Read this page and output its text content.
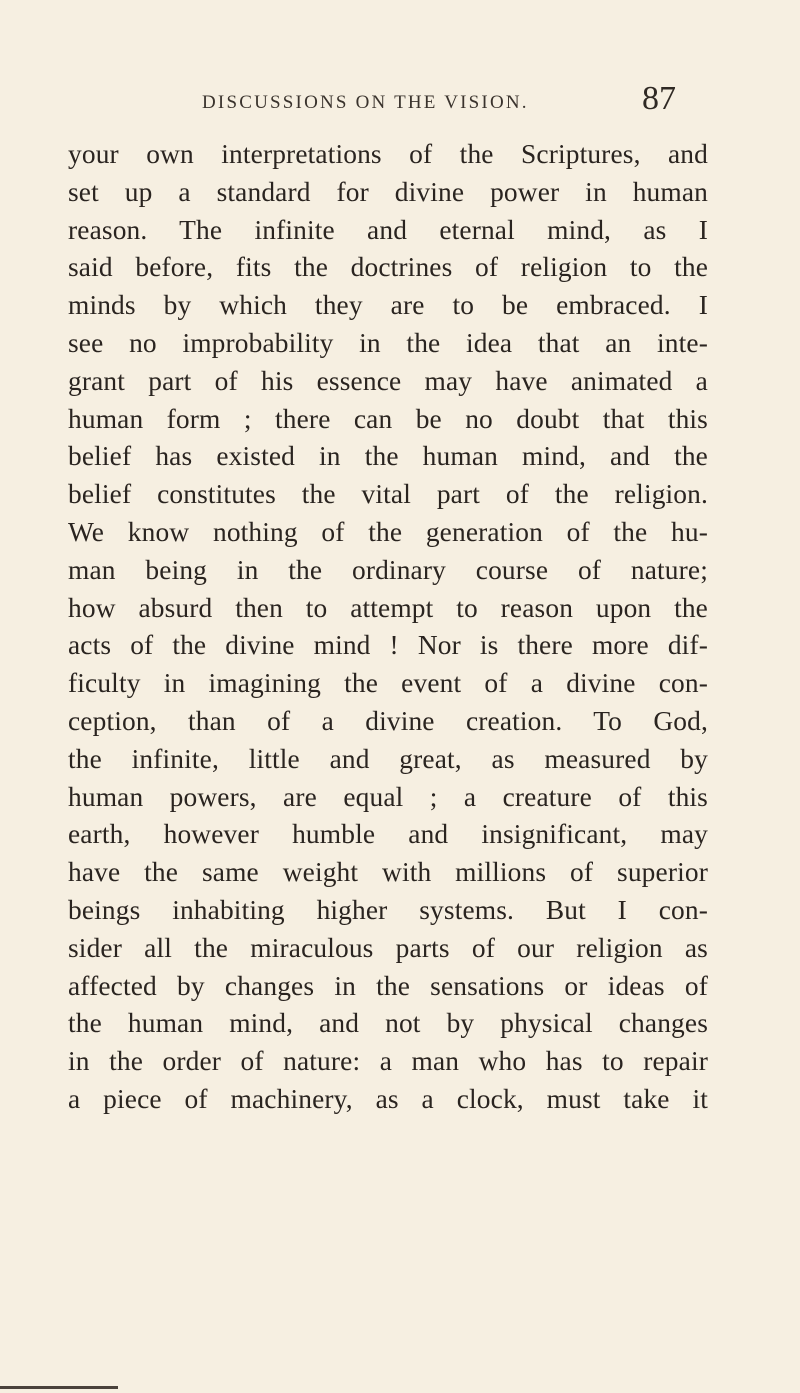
DISCUSSIONS ON THE VISION.	87
your own interpretations of the Scriptures, and
set up a standard for divine power in human
reason. The infinite and eternal mind, as I
said before, fits the doctrines of religion to the
minds by which they are to be embraced. I
see no improbability in the idea that an inte-
grant part of his essence may have animated a
human form ; there can be no doubt that this
belief has existed in the human mind, and the
belief constitutes the vital part of the religion.
We know nothing of the generation of the hu-
man being in the ordinary course of nature;
how absurd then to attempt to reason upon the
acts of the divine mind ! Nor is there more dif-
ficulty in imagining the event of a divine con-
ception, than of a divine creation. To God,
the infinite, little and great, as measured by
human powers, are equal ; a creature of this
earth, however humble and insignificant, may
have the same weight with millions of superior
beings inhabiting higher systems. But I con-
sider all the miraculous parts of our religion as
affected by changes in the sensations or ideas of
the human mind, and not by physical changes
in the order of nature: a man who has to repair
a piece of machinery, as a clock, must take it
